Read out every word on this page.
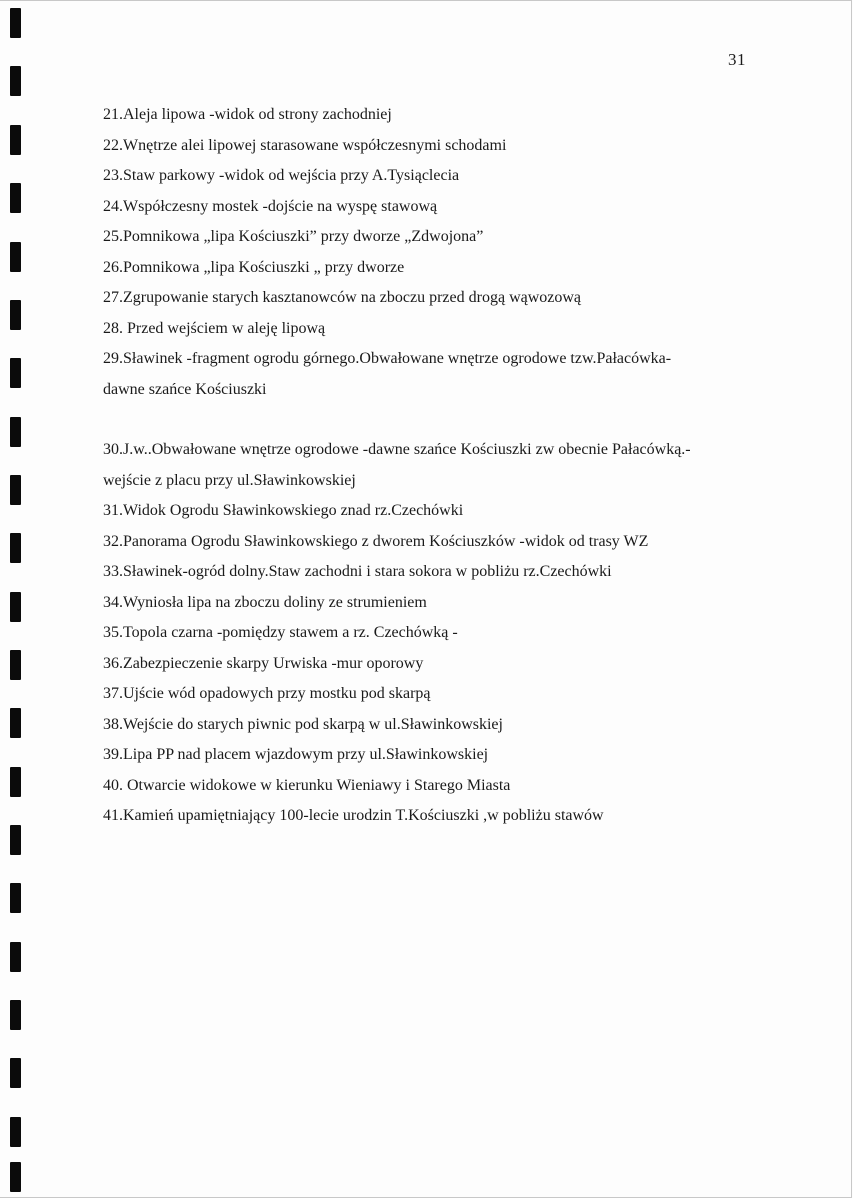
31
21.Aleja lipowa -widok od strony zachodniej
22.Wnętrze alei lipowej starasowane współczesnymi schodami
23.Staw parkowy -widok od wejścia przy A.Tysiąclecia
24.Współczesny mostek -dojście na wyspę stawową
25.Pomnikowa „lipa Kościuszki” przy dworze „Zdwojona”
26.Pomnikowa „lipa Kościuszki „ przy dworze
27.Zgrupowanie starych kasztanowców na zboczu przed drogą wąwozową
28. Przed wejściem w aleję lipową
29.Sławinek -fragment ogrodu górnego.Obwałowane wnętrze ogrodowe tzw.Pałacówka-
dawne szańce Kościuszki
30.J.w..Obwałowane wnętrze ogrodowe -dawne szańce Kościuszki zw obecnie Pałacówką.-
wejście z placu przy ul.Sławinkowskiej
31.Widok Ogrodu Sławinkowskiego znad rz.Czechówki
32.Panorama Ogrodu Sławinkowskiego z dworem Kościuszków -widok od trasy WZ
33.Sławinek-ogród dolny.Staw zachodni i stara sokora w pobliżu rz.Czechówki
34.Wyniosła lipa na zboczu doliny ze strumieniem
35.Topola czarna -pomiędzy stawem a rz. Czechówką -
36.Zabezpieczenie skarpy Urwiska -mur oporowy
37.Ujście wód opadowych przy mostku pod skarpą
38.Wejście do starych piwnic pod skarpą w ul.Sławinkowskiej
39.Lipa PP nad placem wjazdowym przy ul.Sławinkowskiej
40. Otwarcie widokowe w kierunku Wieniawy i Starego Miasta
41.Kamień upamiętniający 100-lecie urodzin T.Kościuszki ,w pobliżu stawów
